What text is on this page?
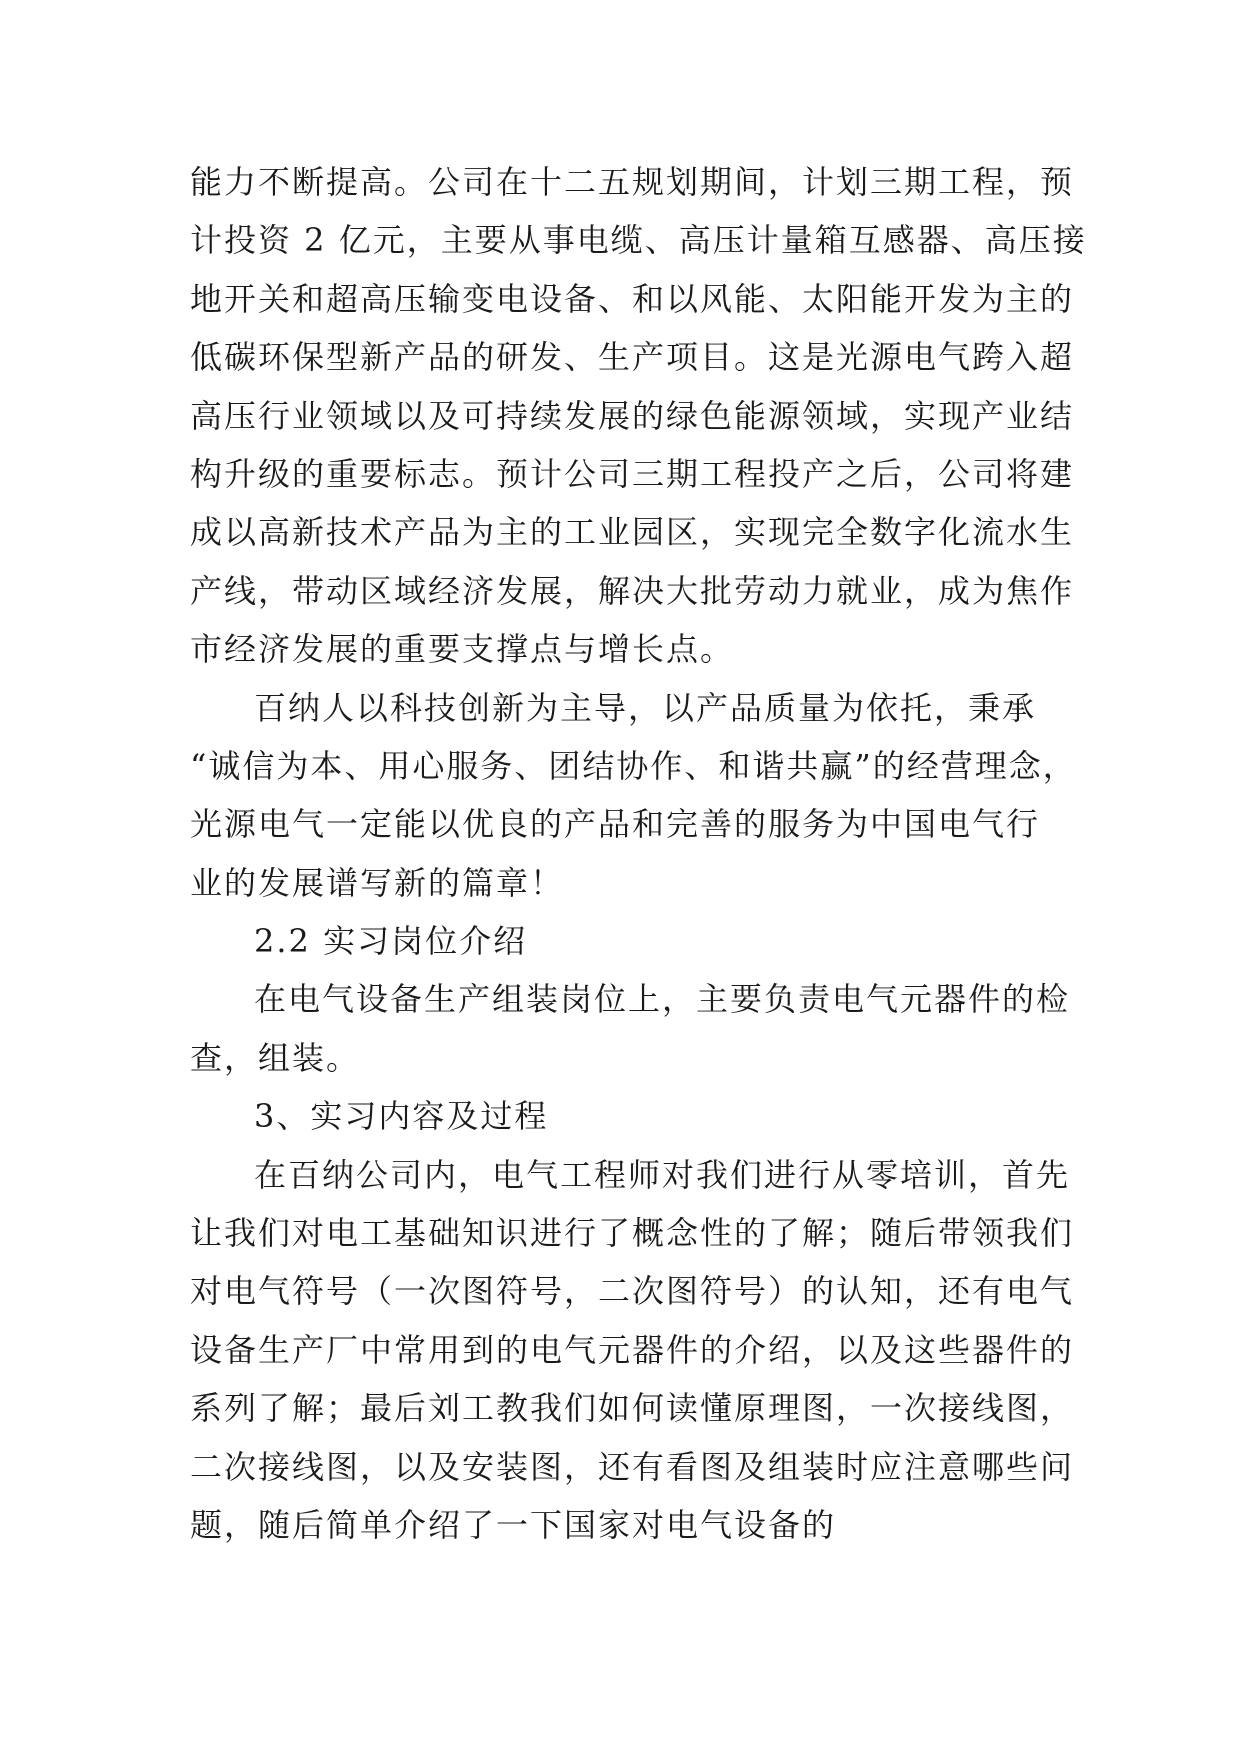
能力不断提高。公司在十二五规划期间，计划三期工程，预
计投资 2 亿元，主要从事电缆、高压计量箱互感器、高压接
地开关和超高压输变电设备、和以风能、太阳能开发为主的
低碳环保型新产品的研发、生产项目。这是光源电气跨入超
高压行业领域以及可持续发展的绿色能源领域，实现产业结
构升级的重要标志。预计公司三期工程投产之后，公司将建
成以高新技术产品为主的工业园区，实现完全数字化流水生
产线，带动区域经济发展，解决大批劳动力就业，成为焦作
市经济发展的重要支撑点与增长点。
百纳人以科技创新为主导，以产品质量为依托，秉承
“诚信为本、用心服务、团结协作、和谐共赢”的经营理念，
光源电气一定能以优良的产品和完善的服务为中国电气行
业的发展谱写新的篇章！
2.2 实习岗位介绍
在电气设备生产组装岗位上，主要负责电气元器件的检
查，组装。
3、实习内容及过程
在百纳公司内，电气工程师对我们进行从零培训，首先
让我们对电工基础知识进行了概念性的了解；随后带领我们
对电气符号（一次图符号，二次图符号）的认知，还有电气
设备生产厂中常用到的电气元器件的介绍，以及这些器件的
系列了解；最后刘工教我们如何读懂原理图，一次接线图，
二次接线图，以及安装图，还有看图及组装时应注意哪些问
题，随后简单介绍了一下国家对电气设备的
